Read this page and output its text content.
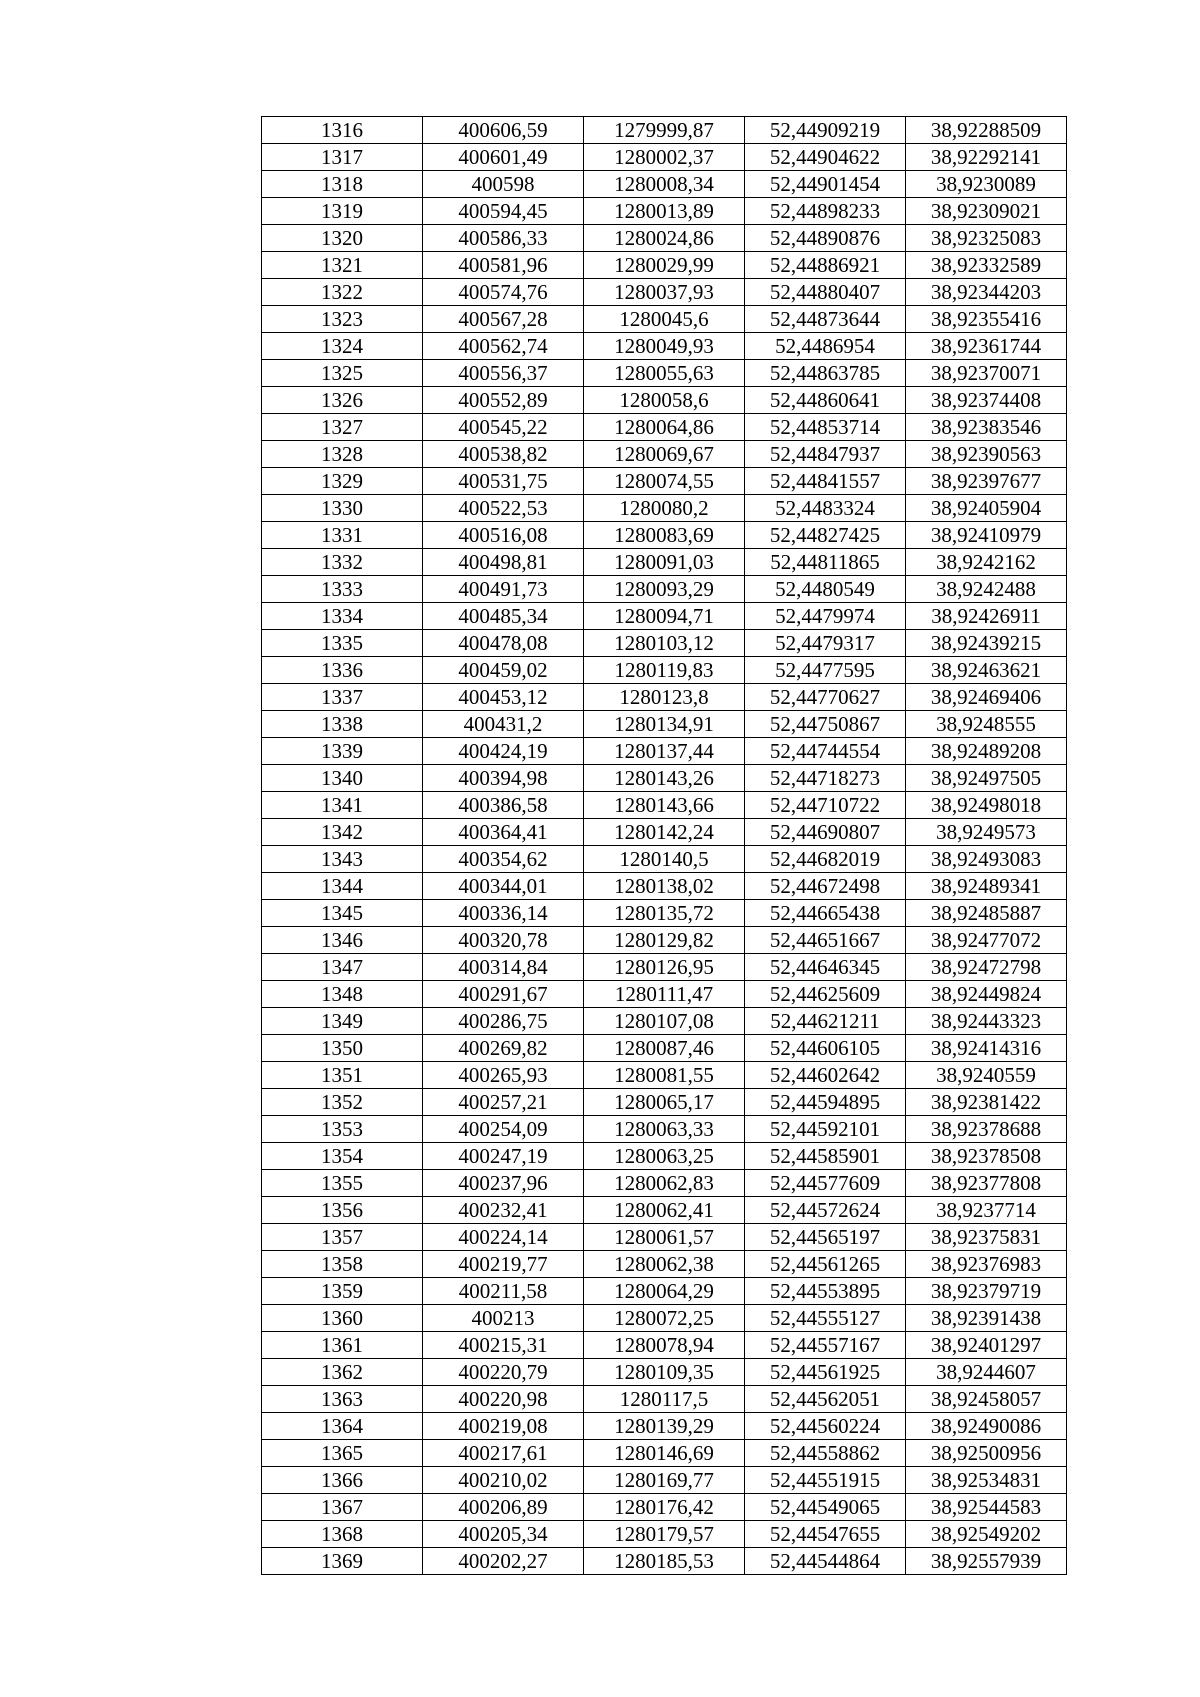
1316	400606,59	1279999,87	52,44909219	38,92288509
1317	400601,49	1280002,37	52,44904622	38,92292141
1318	400598	1280008,34	52,44901454	38,9230089
1319	400594,45	1280013,89	52,44898233	38,92309021
1320	400586,33	1280024,86	52,44890876	38,92325083
1321	400581,96	1280029,99	52,44886921	38,92332589
1322	400574,76	1280037,93	52,44880407	38,92344203
1323	400567,28	1280045,6	52,44873644	38,92355416
1324	400562,74	1280049,93	52,4486954	38,92361744
1325	400556,37	1280055,63	52,44863785	38,92370071
1326	400552,89	1280058,6	52,44860641	38,92374408
1327	400545,22	1280064,86	52,44853714	38,92383546
1328	400538,82	1280069,67	52,44847937	38,92390563
1329	400531,75	1280074,55	52,44841557	38,92397677
1330	400522,53	1280080,2	52,4483324	38,92405904
1331	400516,08	1280083,69	52,44827425	38,92410979
1332	400498,81	1280091,03	52,44811865	38,9242162
1333	400491,73	1280093,29	52,4480549	38,9242488
1334	400485,34	1280094,71	52,4479974	38,92426911
1335	400478,08	1280103,12	52,4479317	38,92439215
1336	400459,02	1280119,83	52,4477595	38,92463621
1337	400453,12	1280123,8	52,44770627	38,92469406
1338	400431,2	1280134,91	52,44750867	38,9248555
1339	400424,19	1280137,44	52,44744554	38,92489208
1340	400394,98	1280143,26	52,44718273	38,92497505
1341	400386,58	1280143,66	52,44710722	38,92498018
1342	400364,41	1280142,24	52,44690807	38,9249573
1343	400354,62	1280140,5	52,44682019	38,92493083
1344	400344,01	1280138,02	52,44672498	38,92489341
1345	400336,14	1280135,72	52,44665438	38,92485887
1346	400320,78	1280129,82	52,44651667	38,92477072
1347	400314,84	1280126,95	52,44646345	38,92472798
1348	400291,67	1280111,47	52,44625609	38,92449824
1349	400286,75	1280107,08	52,44621211	38,92443323
1350	400269,82	1280087,46	52,44606105	38,92414316
1351	400265,93	1280081,55	52,44602642	38,9240559
1352	400257,21	1280065,17	52,44594895	38,92381422
1353	400254,09	1280063,33	52,44592101	38,92378688
1354	400247,19	1280063,25	52,44585901	38,92378508
1355	400237,96	1280062,83	52,44577609	38,92377808
1356	400232,41	1280062,41	52,44572624	38,9237714
1357	400224,14	1280061,57	52,44565197	38,92375831
1358	400219,77	1280062,38	52,44561265	38,92376983
1359	400211,58	1280064,29	52,44553895	38,92379719
1360	400213	1280072,25	52,44555127	38,92391438
1361	400215,31	1280078,94	52,44557167	38,92401297
1362	400220,79	1280109,35	52,44561925	38,9244607
1363	400220,98	1280117,5	52,44562051	38,92458057
1364	400219,08	1280139,29	52,44560224	38,92490086
1365	400217,61	1280146,69	52,44558862	38,92500956
1366	400210,02	1280169,77	52,44551915	38,92534831
1367	400206,89	1280176,42	52,44549065	38,92544583
1368	400205,34	1280179,57	52,44547655	38,92549202
1369	400202,27	1280185,53	52,44544864	38,92557939
